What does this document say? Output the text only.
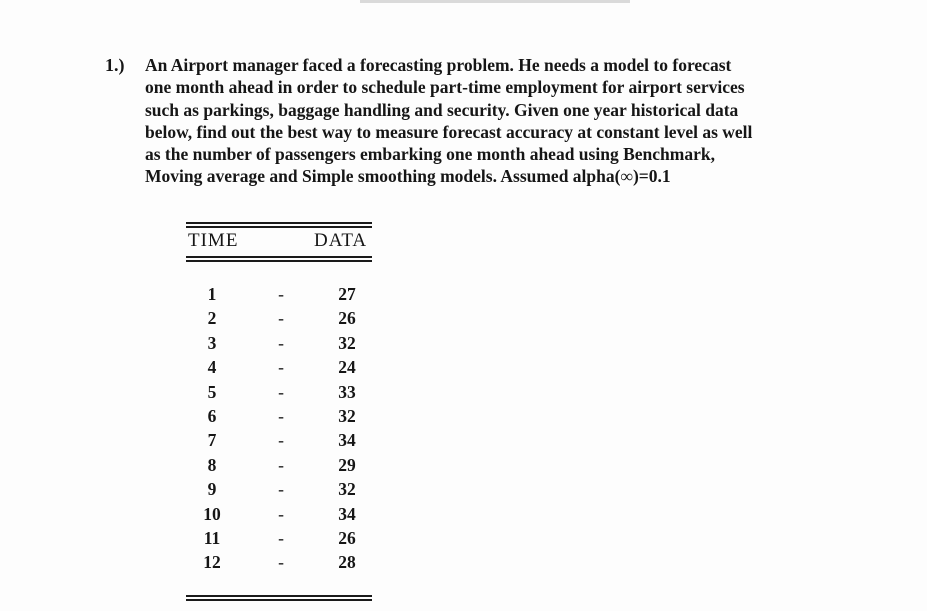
1.) An Airport manager faced a forecasting problem. He needs a model to forecast
one month ahead in order to schedule part-time employment for airport services
such as parkings, baggage handling and security. Given one year historical data
below, find out the best way to measure forecast accuracy at constant level as well
as the number of passengers embarking one month ahead using Benchmark,
Moving average and Simple smoothing models. Assumed alpha(∞)=0.1
TIME	DATA
1	-	27
2	-	26
3	-	32
4	-	24
5	-	33
6	-	32
7	-	34
8	-	29
9	-	32
10	-	34
11	-	26
12	-	28
